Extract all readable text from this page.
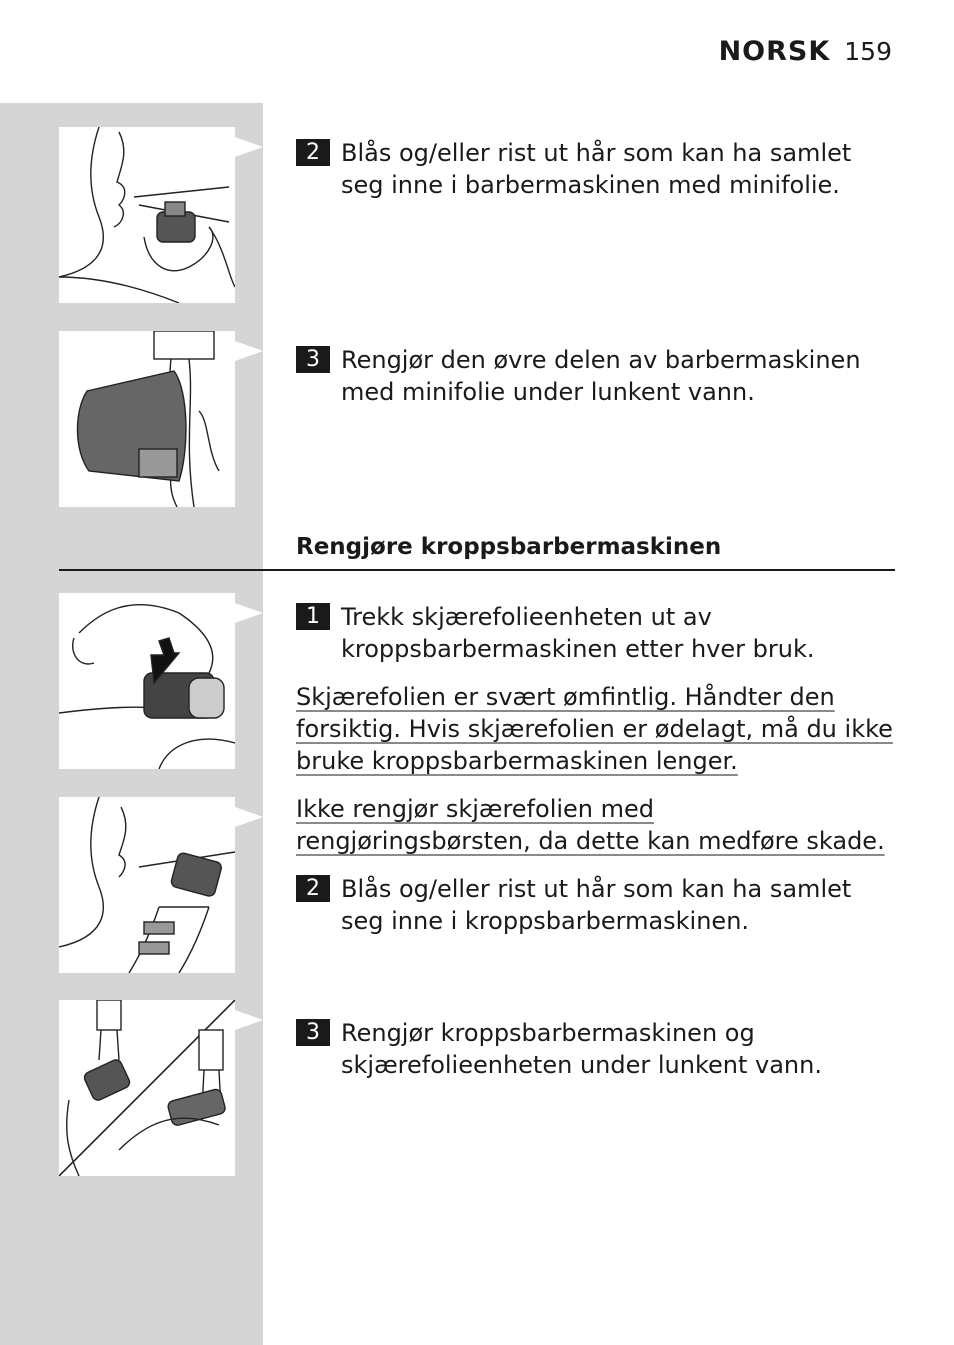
NORSK 159
2 Blås og/eller rist ut hår som kan ha samlet seg inne i barbermaskinen med minifolie.
3 Rengjør den øvre delen av barbermaskinen med minifolie under lunkent vann.
Rengjøre kroppsbarbermaskinen
1 Trekk skjærefolieenheten ut av kroppsbarbermaskinen etter hver bruk.
Skjærefolien er svært ømfintlig. Håndter den forsiktig. Hvis skjærefolien er ødelagt, må du ikke bruke kroppsbarbermaskinen lenger.
Ikke rengjør skjærefolien med rengjøringsbørsten, da dette kan medføre skade.
2 Blås og/eller rist ut hår som kan ha samlet seg inne i kroppsbarbermaskinen.
3 Rengjør kroppsbarbermaskinen og skjærefolieenheten under lunkent vann.
